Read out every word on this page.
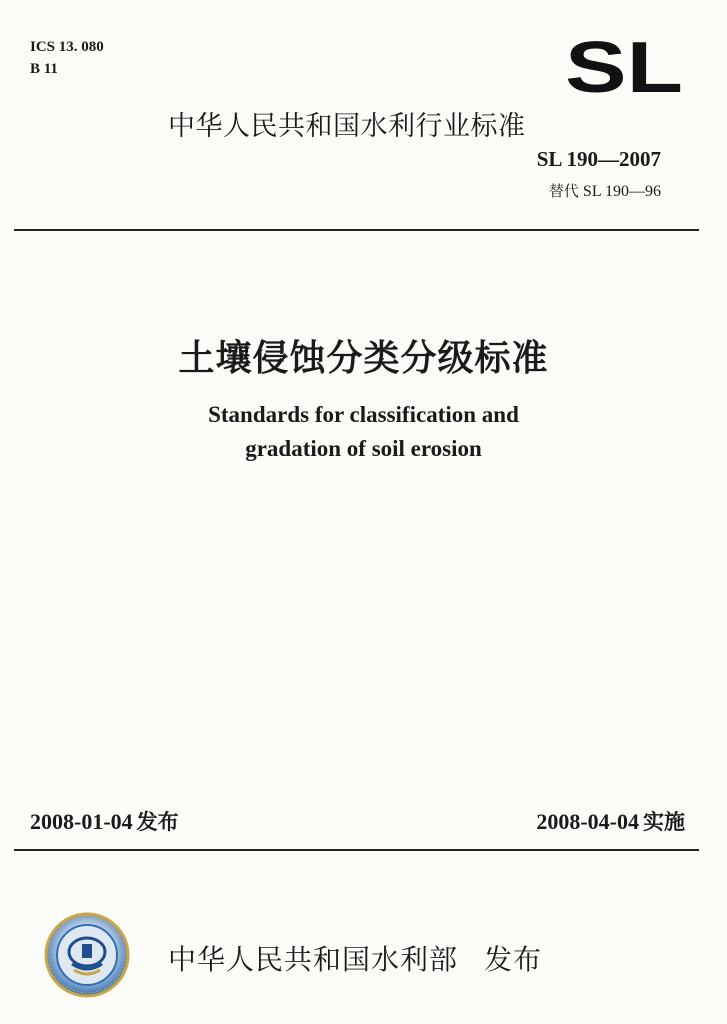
ICS 13. 080
B 11	SL
中华人民共和国水利行业标准
SL 190—2007
替代 SL 190—96
土壤侵蚀分类分级标准
Standards for classification and
gradation of soil erosion
2008-01-04 发布	2008-04-04 实施
中华人民共和国水利部 发布
